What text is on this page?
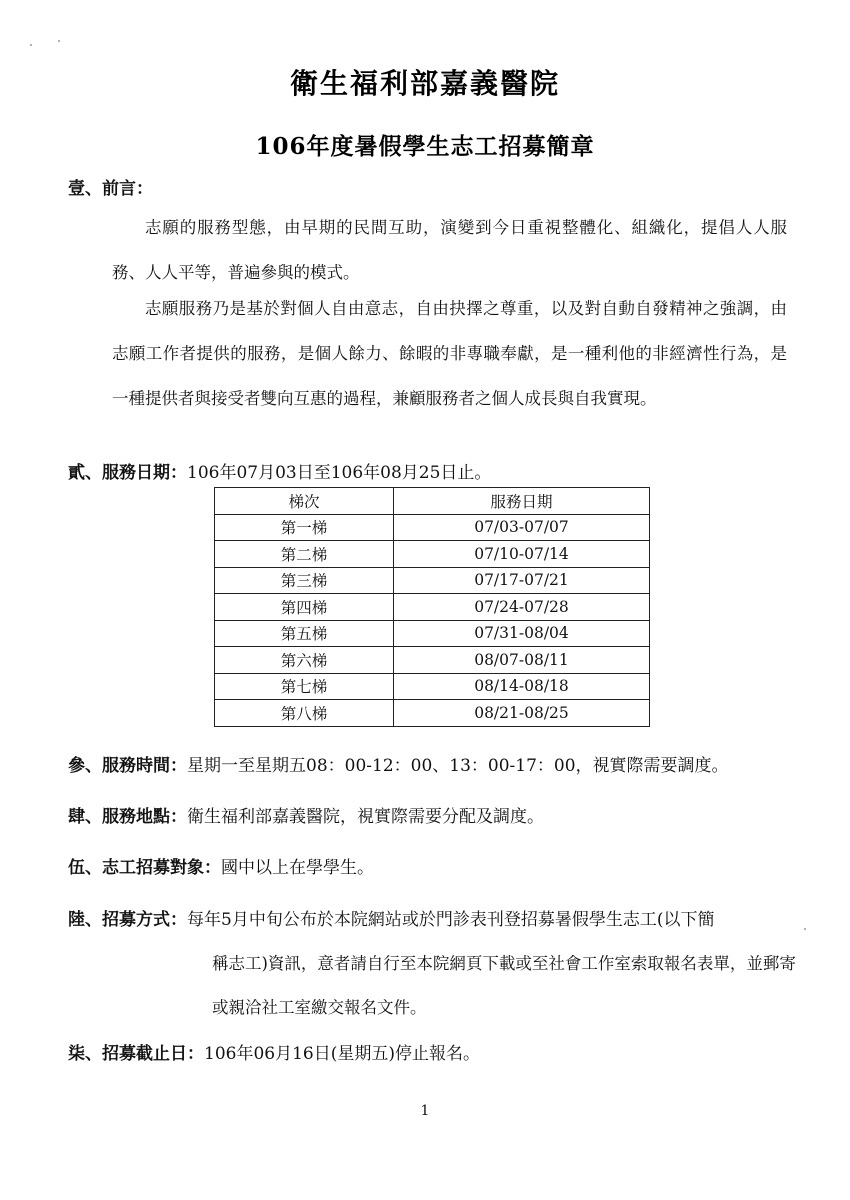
衛生福利部嘉義醫院
106年度暑假學生志工招募簡章
壹、前言：
志願的服務型態，由早期的民間互助，演變到今日重視整體化、組織化，提倡人人服務、人人平等，普遍參與的模式。
志願服務乃是基於對個人自由意志，自由抉擇之尊重，以及對自動自發精神之強調，由志願工作者提供的服務，是個人餘力、餘暇的非專職奉獻，是一種利他的非經濟性行為，是一種提供者與接受者雙向互惠的過程，兼顧服務者之個人成長與自我實現。
貳、服務日期：106年07月03日至106年08月25日止。
梯次	服務日期
第一梯	07/03-07/07
第二梯	07/10-07/14
第三梯	07/17-07/21
第四梯	07/24-07/28
第五梯	07/31-08/04
第六梯	08/07-08/11
第七梯	08/14-08/18
第八梯	08/21-08/25
參、服務時間：星期一至星期五08：00-12：00、13：00-17：00，視實際需要調度。
肆、服務地點：衛生福利部嘉義醫院，視實際需要分配及調度。
伍、志工招募對象：國中以上在學學生。
陸、招募方式：每年5月中旬公布於本院網站或於門診表刊登招募暑假學生志工(以下簡
稱志工)資訊，意者請自行至本院網頁下載或至社會工作室索取報名表單，並郵寄或親洽社工室繳交報名文件。
柒、招募截止日：106年06月16日(星期五)停止報名。
1
